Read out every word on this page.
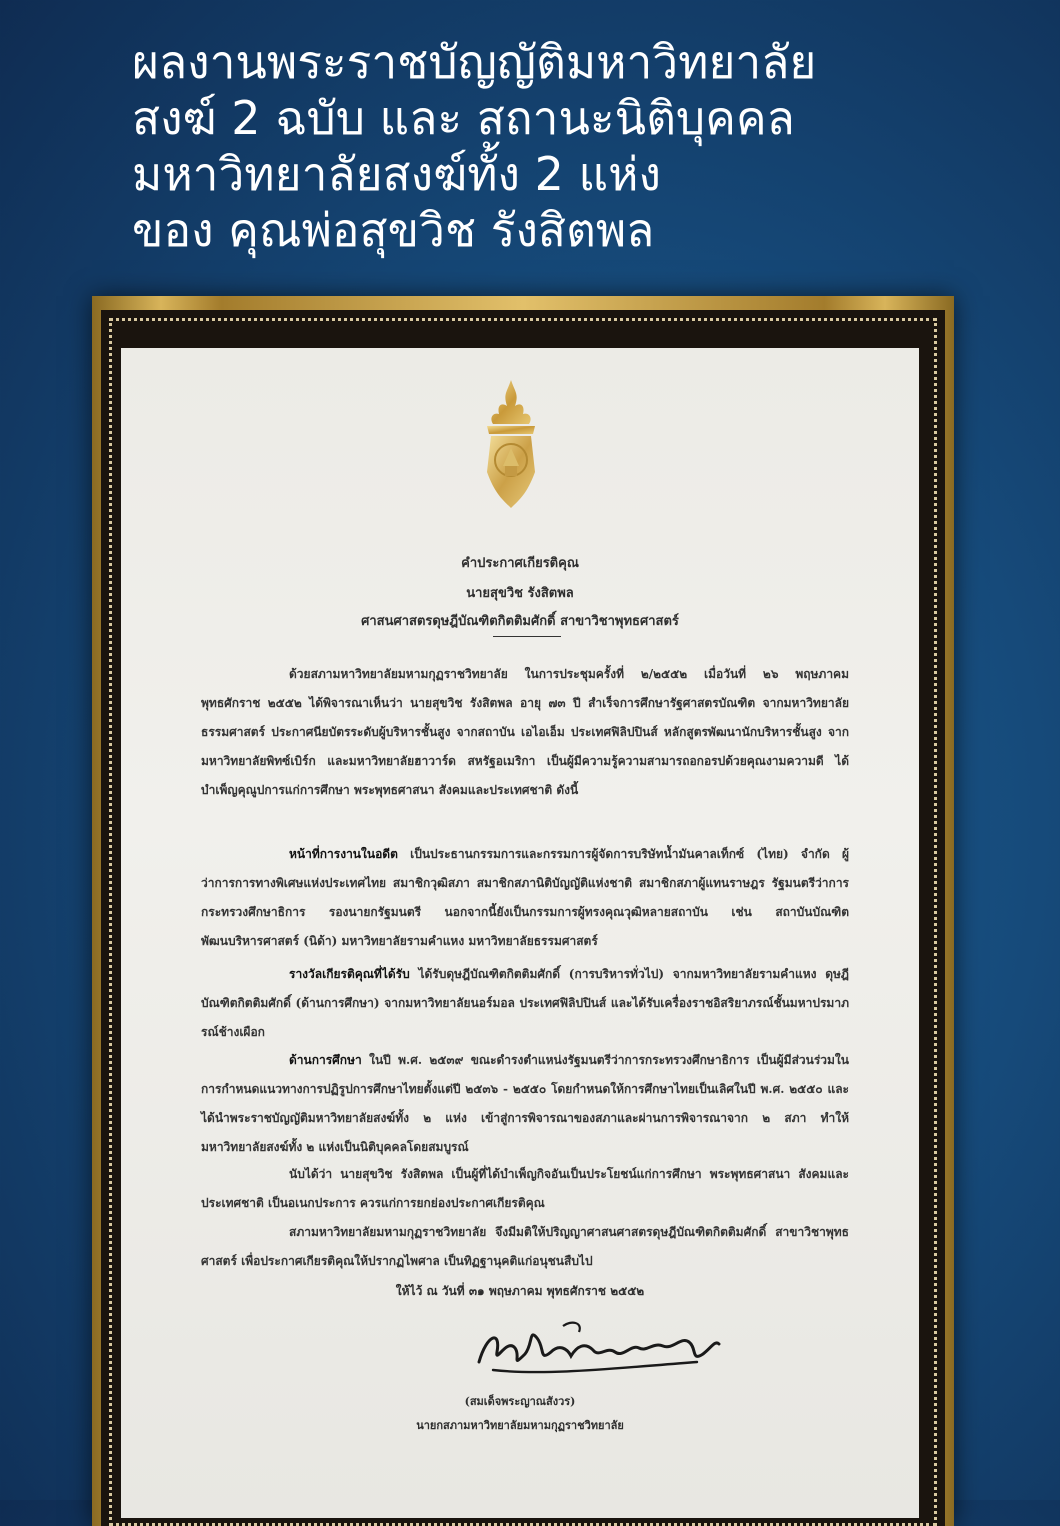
ผลงานพระราชบัญญัติมหาวิทยาลัย
สงฆ์ 2 ฉบับ และ สถานะนิติบุคคล
มหาวิทยาลัยสงฆ์ทั้ง 2 แห่ง
ของ คุณพ่อสุขวิช รังสิตพล
คำประกาศเกียรติคุณ
นายสุขวิช รังสิตพล
ศาสนศาสตรดุษฎีบัณฑิตกิตติมศักดิ์ สาขาวิชาพุทธศาสตร์
ด้วยสภามหาวิทยาลัยมหามกุฏราชวิทยาลัย ในการประชุมครั้งที่ ๒/๒๕๕๒ เมื่อวันที่ ๒๖ พฤษภาคม พุทธศักราช ๒๕๕๒ ได้พิจารณาเห็นว่า นายสุขวิช รังสิตพล อายุ ๗๓ ปี สำเร็จการศึกษารัฐศาสตรบัณฑิต จากมหาวิทยาลัยธรรมศาสตร์ ประกาศนียบัตรระดับผู้บริหารชั้นสูง จากสถาบัน เอไอเอ็ม ประเทศฟิลิปปินส์ หลักสูตรพัฒนานักบริหารชั้นสูง จากมหาวิทยาลัยพิทซ์เบิร์ก และมหาวิทยาลัยฮาวาร์ด สหรัฐอเมริกา เป็นผู้มีความรู้ความสามารถอกอรปด้วยคุณงามความดี ได้บำเพ็ญคุณูปการแก่การศึกษา พระพุทธศาสนา สังคมและประเทศชาติ ดังนี้
หน้าที่การงานในอดีต เป็นประธานกรรมการและกรรมการผู้จัดการบริษัทน้ำมันคาลเท็กซ์ (ไทย) จำกัด ผู้ว่าการการทางพิเศษแห่งประเทศไทย สมาชิกวุฒิสภา สมาชิกสภานิติบัญญัติแห่งชาติ สมาชิกสภาผู้แทนราษฎร รัฐมนตรีว่าการกระทรวงศึกษาธิการ รองนายกรัฐมนตรี นอกจากนี้ยังเป็นกรรมการผู้ทรงคุณวุฒิหลายสถาบัน เช่น สถาบันบัณฑิตพัฒนบริหารศาสตร์ (นิด้า) มหาวิทยาลัยรามคำแหง มหาวิทยาลัยธรรมศาสตร์
รางวัลเกียรติคุณที่ได้รับ ได้รับดุษฎีบัณฑิตกิตติมศักดิ์ (การบริหารทั่วไป) จากมหาวิทยาลัยรามคำแหง ดุษฎีบัณฑิตกิตติมศักดิ์ (ด้านการศึกษา) จากมหาวิทยาลัยนอร์มอล ประเทศฟิลิปปินส์ และได้รับเครื่องราชอิสริยาภรณ์ชั้นมหาปรมาภรณ์ช้างเผือก
ด้านการศึกษา ในปี พ.ศ. ๒๕๓๙ ขณะดำรงตำแหน่งรัฐมนตรีว่าการกระทรวงศึกษาธิการ เป็นผู้มีส่วนร่วมในการกำหนดแนวทางการปฏิรูปการศึกษาไทยตั้งแต่ปี ๒๕๓๖ - ๒๕๕๐ โดยกำหนดให้การศึกษาไทยเป็นเลิศในปี พ.ศ. ๒๕๕๐ และได้นำพระราชบัญญัติมหาวิทยาลัยสงฆ์ทั้ง ๒ แห่ง เข้าสู่การพิจารณาของสภาและผ่านการพิจารณาจาก ๒ สภา ทำให้มหาวิทยาลัยสงฆ์ทั้ง ๒ แห่งเป็นนิติบุคคลโดยสมบูรณ์
นับได้ว่า นายสุขวิช รังสิตพล เป็นผู้ที่ได้บำเพ็ญกิจอันเป็นประโยชน์แก่การศึกษา พระพุทธศาสนา สังคมและประเทศชาติ เป็นอเนกประการ ควรแก่การยกย่องประกาศเกียรติคุณ
สภามหาวิทยาลัยมหามกุฏราชวิทยาลัย จึงมีมติให้ปริญญาศาสนศาสตรดุษฎีบัณฑิตกิตติมศักดิ์ สาขาวิชาพุทธศาสตร์ เพื่อประกาศเกียรติคุณให้ปรากฏไพศาล เป็นทิฏฐานุคติแก่อนุชนสืบไป
ให้ไว้ ณ วันที่ ๓๑ พฤษภาคม พุทธศักราช ๒๕๕๒
(สมเด็จพระญาณสังวร)
นายกสภามหาวิทยาลัยมหามกุฏราชวิทยาลัย
